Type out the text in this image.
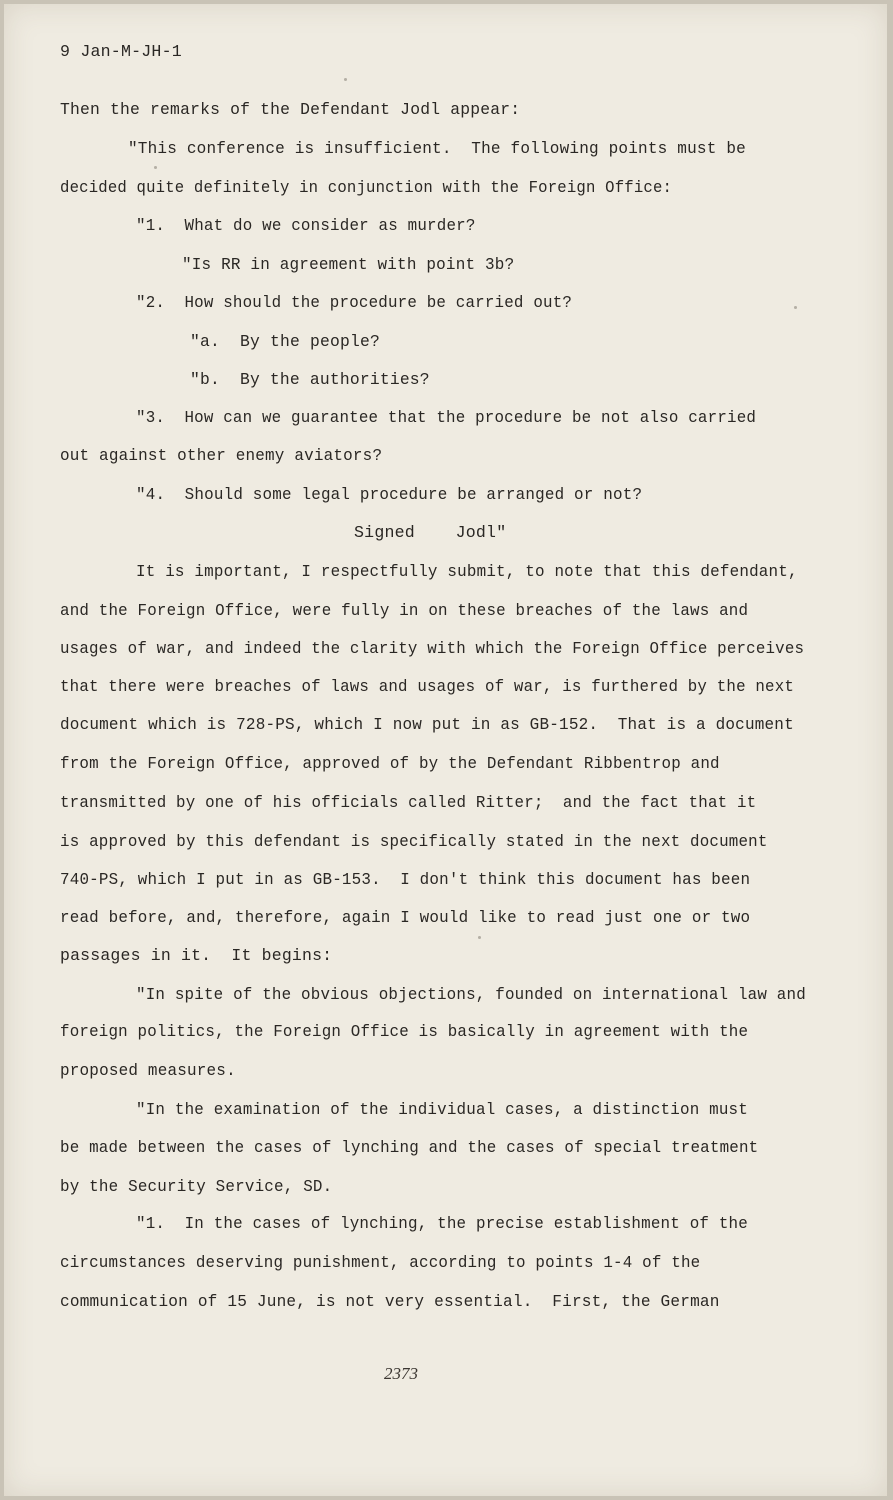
9 Jan-M-JH-1
Then the remarks of the Defendant Jodl appear:
"This conference is insufficient.  The following points must be
decided quite definitely in conjunction with the Foreign Office:
"1.  What do we consider as murder?
"Is RR in agreement with point 3b?
"2.  How should the procedure be carried out?
"a.  By the people?
"b.  By the authorities?
"3.  How can we guarantee that the procedure be not also carried
out against other enemy aviators?
"4.  Should some legal procedure be arranged or not?
Signed    Jodl"
It is important, I respectfully submit, to note that this defendant,
and the Foreign Office, were fully in on these breaches of the laws and
usages of war, and indeed the clarity with which the Foreign Office perceives
that there were breaches of laws and usages of war, is furthered by the next
document which is 728-PS, which I now put in as GB-152.  That is a document
from the Foreign Office, approved of by the Defendant Ribbentrop and
transmitted by one of his officials called Ritter;  and the fact that it
is approved by this defendant is specifically stated in the next document
740-PS, which I put in as GB-153.  I don't think this document has been
read before, and, therefore, again I would like to read just one or two
passages in it.  It begins:
"In spite of the obvious objections, founded on international law and
foreign politics, the Foreign Office is basically in agreement with the
proposed measures.
"In the examination of the individual cases, a distinction must
be made between the cases of lynching and the cases of special treatment
by the Security Service, SD.
"1.  In the cases of lynching, the precise establishment of the
circumstances deserving punishment, according to points 1-4 of the
communication of 15 June, is not very essential.  First, the German
2373
